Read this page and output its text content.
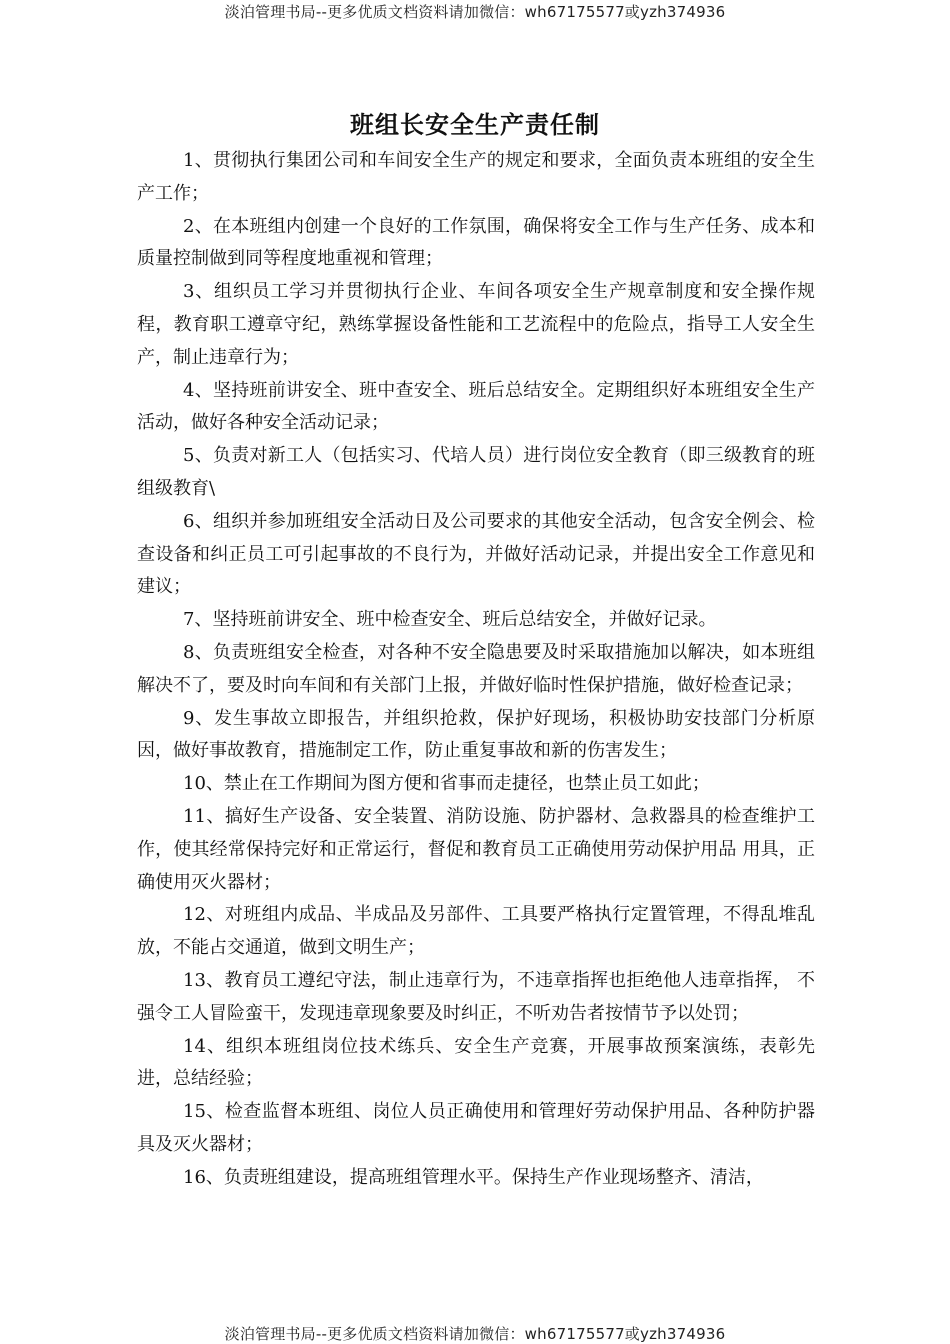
淡泊管理书局--更多优质文档资料请加微信：wh67175577或yzh374936
班组长安全生产责任制

1、贯彻执行集团公司和车间安全生产的规定和要求，全面负责本班组的安全生产工作；

2、在本班组内创建一个良好的工作氛围，确保将安全工作与生产任务、成本和质量控制做到同等程度地重视和管理；

3、组织员工学习并贯彻执行企业、车间各项安全生产规章制度和安全操作规程，教育职工遵章守纪，熟练掌握设备性能和工艺流程中的危险点，指导工人安全生产，制止违章行为；

4、坚持班前讲安全、班中查安全、班后总结安全。定期组织好本班组安全生产活动，做好各种安全活动记录；

5、负责对新工人（包括实习、代培人员）进行岗位安全教育（即三级教育的班组级教育\

6、组织并参加班组安全活动日及公司要求的其他安全活动，包含安全例会、检查设备和纠正员工可引起事故的不良行为，并做好活动记录，并提出安全工作意见和建议；

7、坚持班前讲安全、班中检查安全、班后总结安全，并做好记录。

8、负责班组安全检查，对各种不安全隐患要及时采取措施加以解决，如本班组解决不了，要及时向车间和有关部门上报，并做好临时性保护措施，做好检查记录；

9、发生事故立即报告，并组织抢救，保护好现场，积极协助安技部门分析原因，做好事故教育，措施制定工作，防止重复事故和新的伤害发生；

10、禁止在工作期间为图方便和省事而走捷径，也禁止员工如此；

11、搞好生产设备、安全装置、消防设施、防护器材、急救器具的检查维护工作，使其经常保持完好和正常运行，督促和教育员工正确使用劳动保护用品 用具，正确使用灭火器材；

12、对班组内成品、半成品及另部件、工具要严格执行定置管理，不得乱堆乱放，不能占交通道，做到文明生产；

13、教育员工遵纪守法，制止违章行为，不违章指挥也拒绝他人违章指挥， 不强令工人冒险蛮干，发现违章现象要及时纠正，不听劝告者按情节予以处罚；

14、组织本班组岗位技术练兵、安全生产竞赛，开展事故预案演练，表彰先进，总结经验；

15、检查监督本班组、岗位人员正确使用和管理好劳动保护用品、各种防护器具及灭火器材；

16、负责班组建设，提高班组管理水平。保持生产作业现场整齐、清洁，

淡泊管理书局--更多优质文档资料请加微信：wh67175577或yzh374936
